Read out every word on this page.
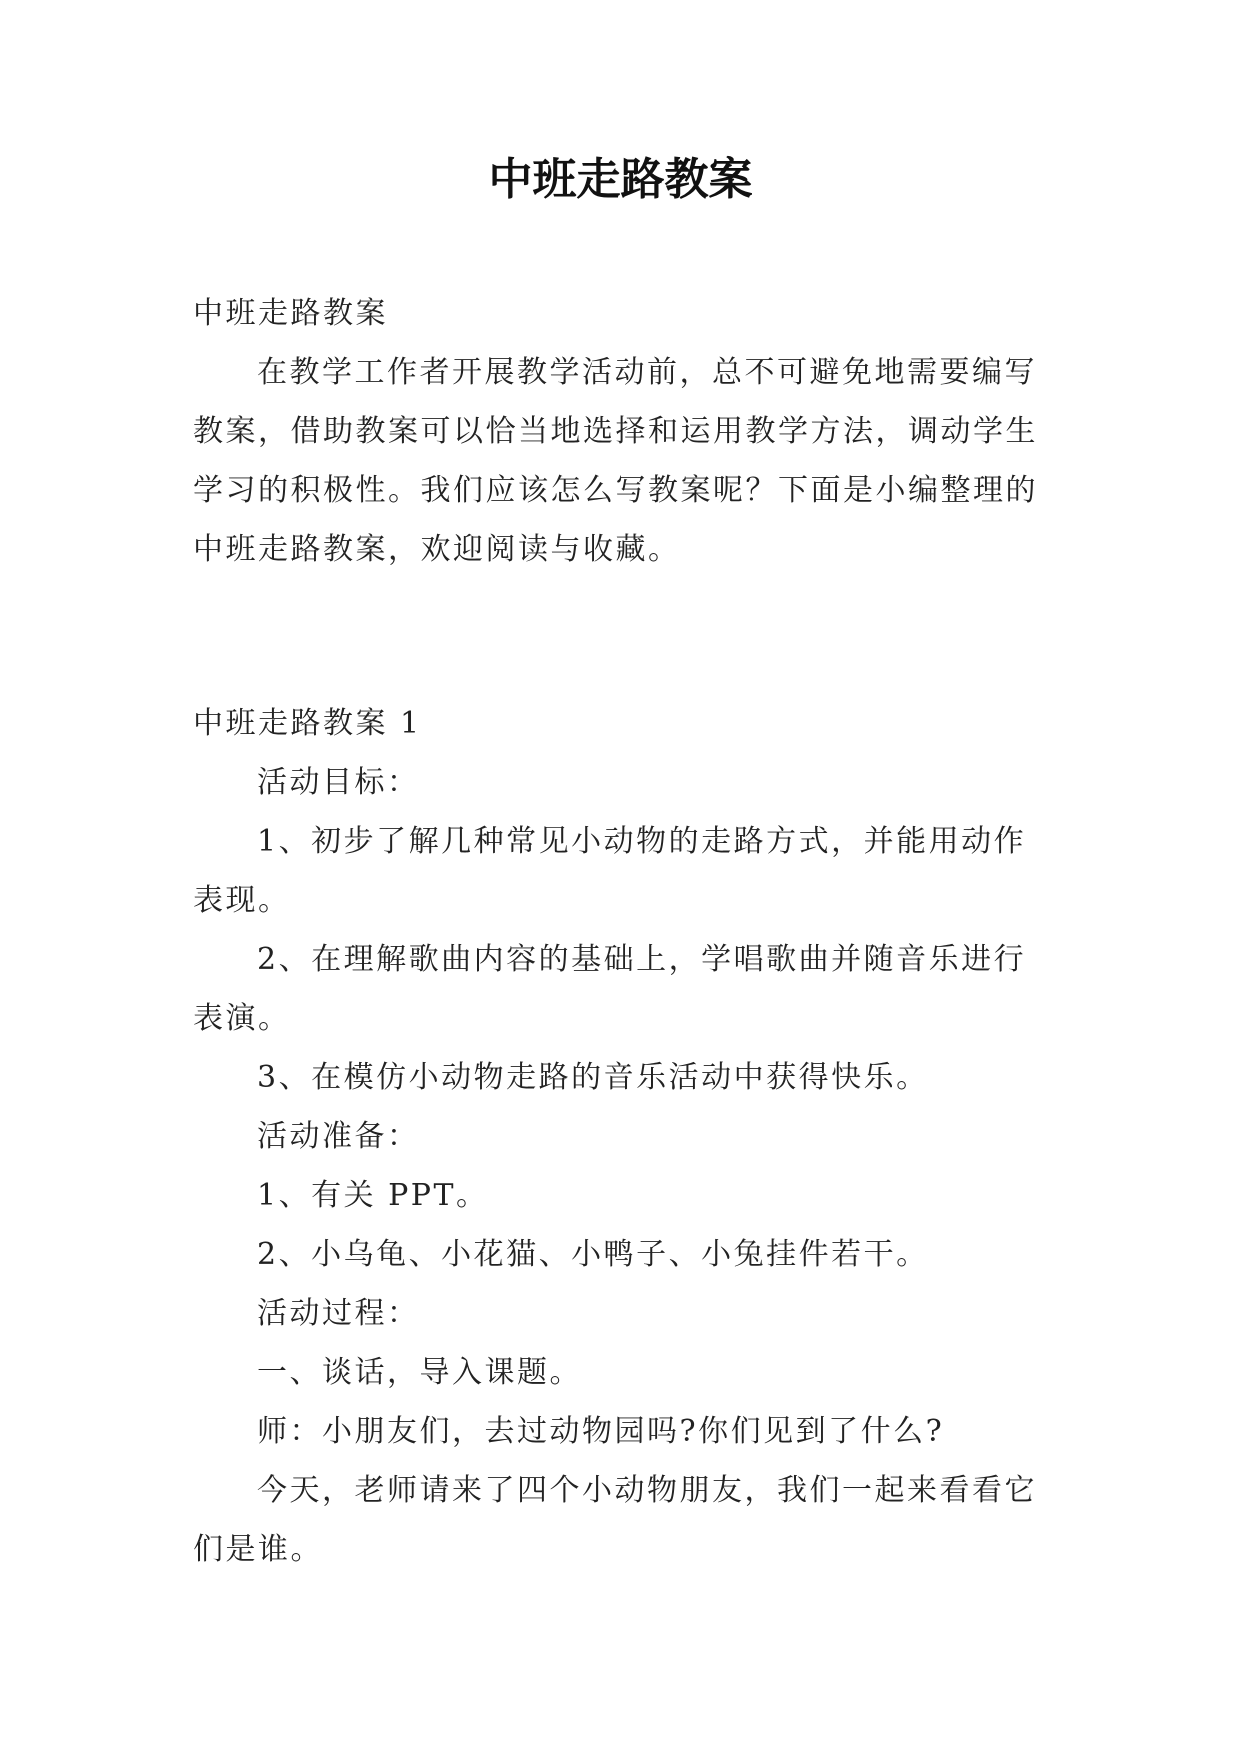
中班走路教案

中班走路教案

在教学工作者开展教学活动前，总不可避免地需要编写教案，借助教案可以恰当地选择和运用教学方法，调动学生学习的积极性。我们应该怎么写教案呢？下面是小编整理的中班走路教案，欢迎阅读与收藏。

中班走路教案 1

活动目标：

1、初步了解几种常见小动物的走路方式，并能用动作表现。

2、在理解歌曲内容的基础上，学唱歌曲并随音乐进行表演。

3、在模仿小动物走路的音乐活动中获得快乐。

活动准备：

1、有关 PPT。

2、小乌龟、小花猫、小鸭子、小兔挂件若干。

活动过程：

一、谈话，导入课题。

师：小朋友们，去过动物园吗?你们见到了什么?

今天，老师请来了四个小动物朋友，我们一起来看看它们是谁。
